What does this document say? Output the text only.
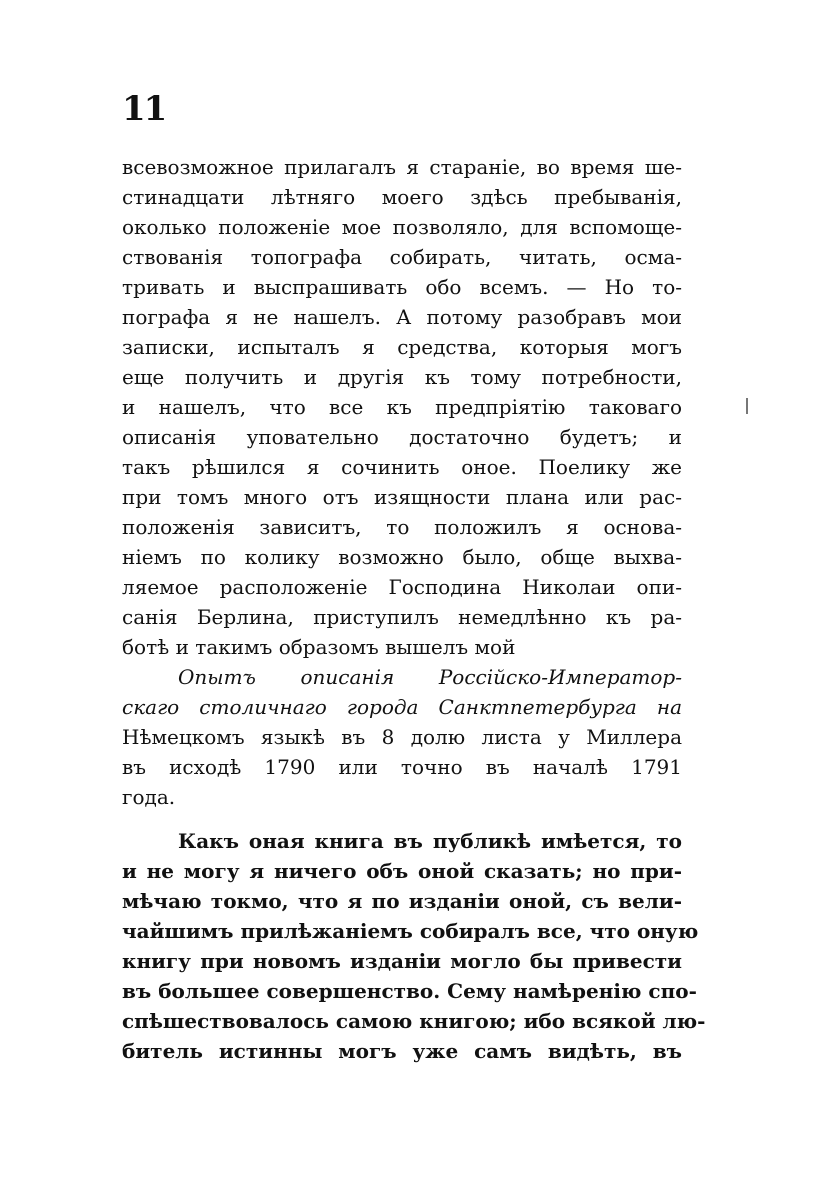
11
всевозможное прилагалъ я стараніе, во время ше-
стинадцати лѣтняго моего здѣсь пребыванія,
околько положеніе мое позволяло, для вспомоще-
ствованія топографа собирать, читать, осма-
тривать и выспрашивать обо всемъ. — Но то-
пографа я не нашелъ. А потому разобравъ мои
записки, испыталъ я средства, которыя могъ
еще получить и другія къ тому потребности,
и нашелъ, что все къ предпріятію таковаго
описанія уповательно достаточно будетъ; и
такъ рѣшился я сочинить оное. Поелику же
при томъ много отъ изящности плана или рас-
положенія зависитъ, то положилъ я основа-
ніемъ по колику возможно было, обще выхва-
ляемое расположеніе Господина Николаи опи-
санія Берлина, приступилъ немедлѣнно къ ра-
ботѣ и такимъ образомъ вышелъ мой
Опытъ описанія Россійско-Император-
скаго столичнаго города Санктпетербурга на
Нѣмецкомъ языкѣ въ 8 долю листа у Миллера
въ исходѣ 1790 или точно въ началѣ 1791
года.
Какъ оная книга въ публикѣ имѣется, то
и не могу я ничего объ оной сказать; но при-
мѣчаю токмо, что я по изданіи оной, съ вели-
чайшимъ прилѣжаніемъ собиралъ все, что оную
книгу при новомъ изданіи могло бы привести
въ большее совершенство. Сему намѣренію спо-
спѣшествовалось самою книгою; ибо всякой лю-
битель истинны могъ уже самъ видѣть, въ
